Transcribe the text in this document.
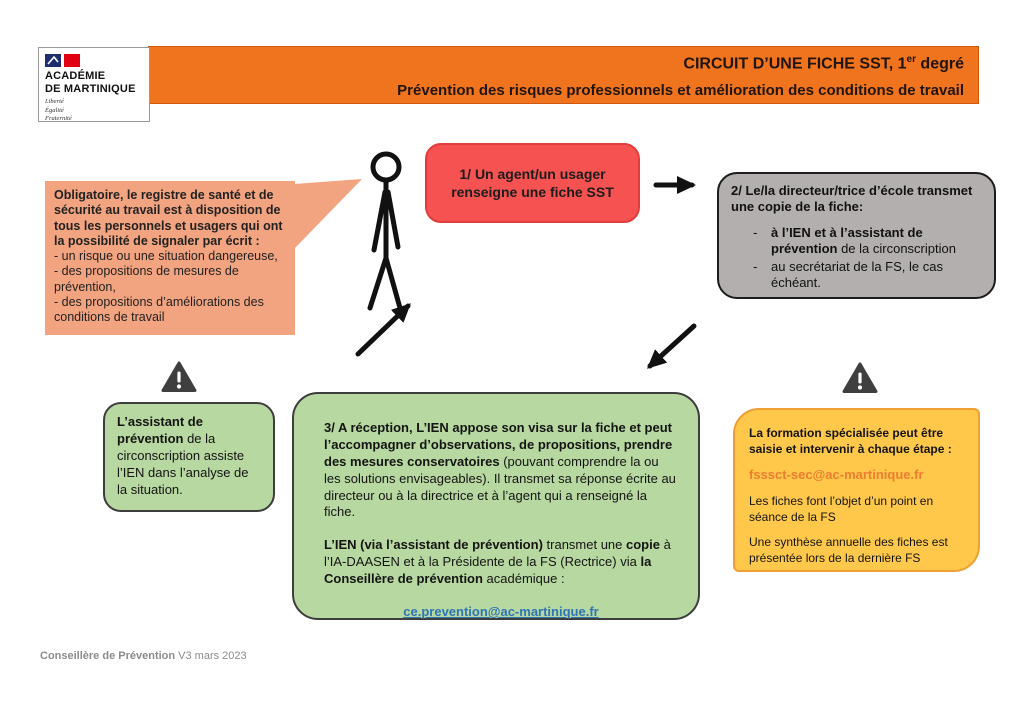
CIRCUIT D’UNE FICHE SST, 1er degré
Prévention des risques professionnels et amélioration des conditions de travail
ACADÉMIE
DE MARTINIQUE
Liberté
Égalité
Fraternité
Obligatoire, le registre de santé et de sécurité au travail est à disposition de tous les personnels et usagers qui ont la possibilité de signaler par écrit :
- un risque ou une situation dangereuse,
- des propositions de mesures de prévention,
- des propositions d’améliorations des conditions de travail
1/ Un agent/un usager
renseigne une fiche SST	2/ Le/la directeur/trice d’école transmet une copie de la fiche:
-	à l’IEN et à l’assistant de prévention de la circonscription
-	au secrétariat de la FS, le cas échéant.
L’assistant de prévention de la circonscription assiste l’IEN dans l’analyse de la situation.

3/ A réception, L’IEN appose son visa sur la fiche et peut l’accompagner d’observations, de propositions, prendre des mesures conservatoires (pouvant comprendre la ou les solutions envisageables). Il transmet sa réponse écrite au directeur ou à la directrice et à l’agent qui a renseigné la fiche.

L’IEN (via l’assistant de prévention) transmet une copie à l’IA-DAASEN et à la Présidente de la FS (Rectrice) via la Conseillère de prévention académique :

ce.prevention@ac-martinique.fr
La formation spécialisée peut être saisie et intervenir à chaque étape :
fsssct-sec@ac-martinique.fr
Les fiches font l’objet d’un point en séance de la FS
Une synthèse annuelle des fiches est présentée lors de la dernière FS
Conseillère de Prévention V3 mars 2023
